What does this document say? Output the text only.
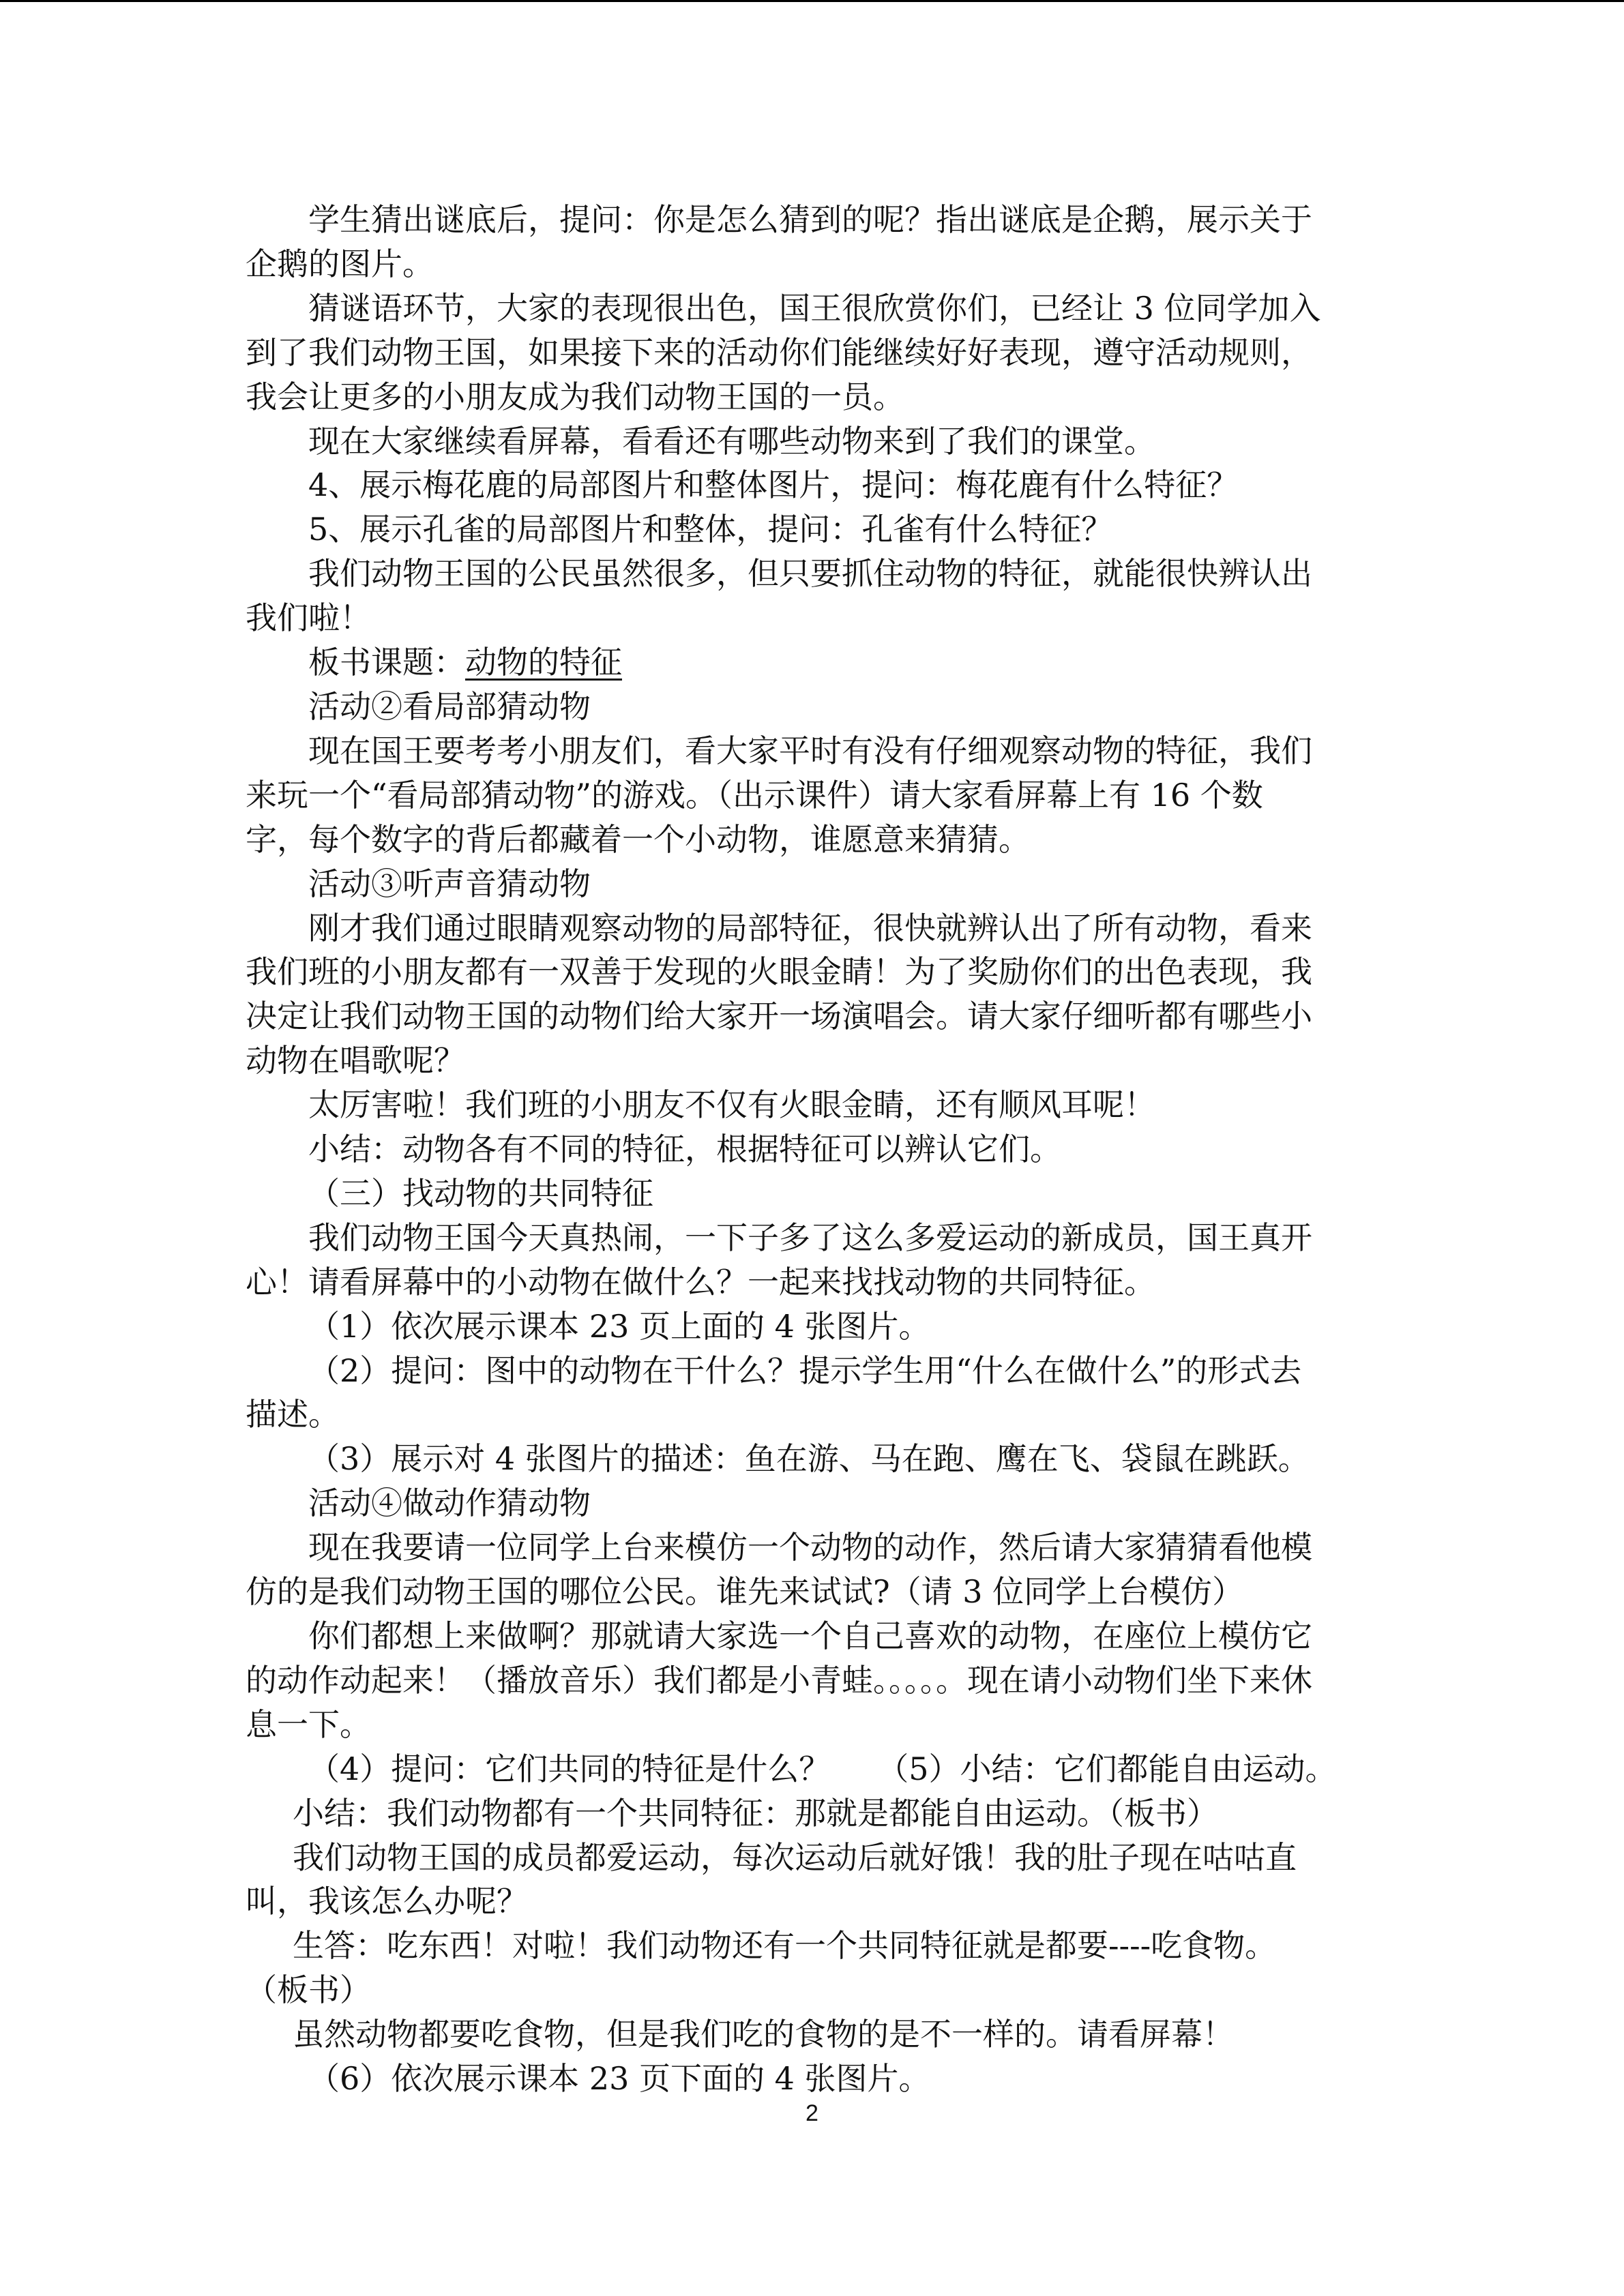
学生猜出谜底后，提问：你是怎么猜到的呢？指出谜底是企鹅，展示关于
企鹅的图片。
猜谜语环节，大家的表现很出色，国王很欣赏你们，已经让 3 位同学加入
到了我们动物王国，如果接下来的活动你们能继续好好表现，遵守活动规则，
我会让更多的小朋友成为我们动物王国的一员。
现在大家继续看屏幕，看看还有哪些动物来到了我们的课堂。
4、展示梅花鹿的局部图片和整体图片，提问：梅花鹿有什么特征？
5、展示孔雀的局部图片和整体，提问：孔雀有什么特征？
我们动物王国的公民虽然很多，但只要抓住动物的特征，就能很快辨认出
我们啦！
板书课题：动物的特征
活动②看局部猜动物
现在国王要考考小朋友们，看大家平时有没有仔细观察动物的特征，我们
来玩一个“看局部猜动物”的游戏。（出示课件）请大家看屏幕上有 16 个数
字，每个数字的背后都藏着一个小动物，谁愿意来猜猜。
活动③听声音猜动物
刚才我们通过眼睛观察动物的局部特征，很快就辨认出了所有动物，看来
我们班的小朋友都有一双善于发现的火眼金睛！为了奖励你们的出色表现，我
决定让我们动物王国的动物们给大家开一场演唱会。请大家仔细听都有哪些小
动物在唱歌呢？
太厉害啦！我们班的小朋友不仅有火眼金睛，还有顺风耳呢！
小结：动物各有不同的特征，根据特征可以辨认它们。
（三）找动物的共同特征
我们动物王国今天真热闹，一下子多了这么多爱运动的新成员，国王真开
心！请看屏幕中的小动物在做什么？一起来找找动物的共同特征。
（1）依次展示课本 23 页上面的 4 张图片。
（2）提问：图中的动物在干什么？提示学生用“什么在做什么”的形式去
描述。
（3）展示对 4 张图片的描述：鱼在游、马在跑、鹰在飞、袋鼠在跳跃。
活动④做动作猜动物
现在我要请一位同学上台来模仿一个动物的动作，然后请大家猜猜看他模
仿的是我们动物王国的哪位公民。谁先来试试?（请 3 位同学上台模仿）
你们都想上来做啊？那就请大家选一个自己喜欢的动物，在座位上模仿它
的动作动起来！（播放音乐）我们都是小青蛙。。。。。现在请小动物们坐下来休
息一下。
（4）提问：它们共同的特征是什么？　　（5）小结：它们都能自由运动。
小结：我们动物都有一个共同特征：那就是都能自由运动。（板书）
我们动物王国的成员都爱运动，每次运动后就好饿！我的肚子现在咕咕直
叫，我该怎么办呢？
生答：吃东西！对啦！我们动物还有一个共同特征就是都要----吃食物。
（板书）
虽然动物都要吃食物，但是我们吃的食物的是不一样的。请看屏幕！
（6）依次展示课本 23 页下面的 4 张图片。
2
